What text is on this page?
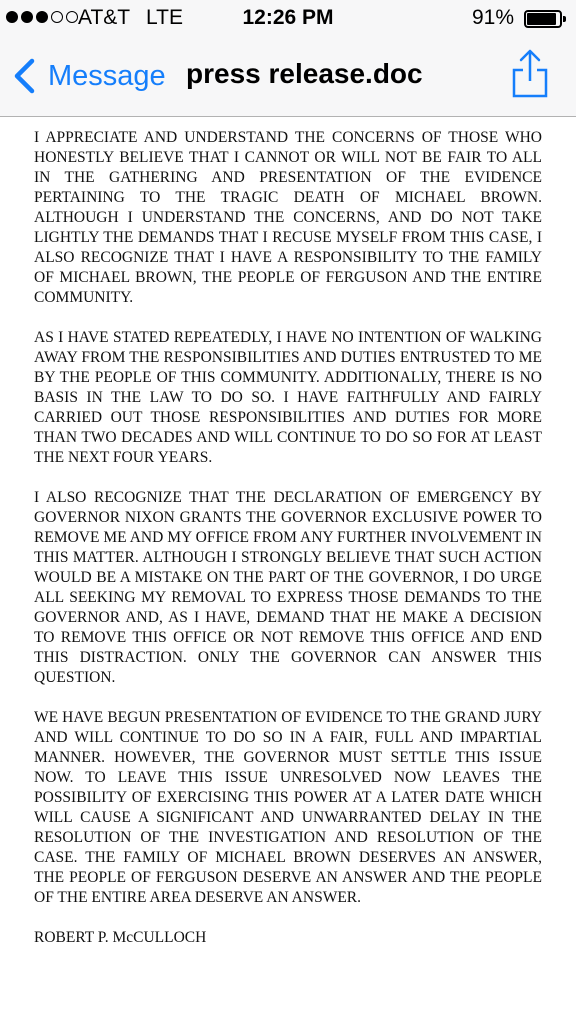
AT&T LTE	12:26 PM	91%
Message press release.doc

I APPRECIATE AND UNDERSTAND THE CONCERNS OF THOSE WHO HONESTLY BELIEVE THAT I CANNOT OR WILL NOT BE FAIR TO ALL IN THE GATHERING AND PRESENTATION OF THE EVIDENCE PERTAINING TO THE TRAGIC DEATH OF MICHAEL BROWN. ALTHOUGH I UNDERSTAND THE CONCERNS, AND DO NOT TAKE LIGHTLY THE DEMANDS THAT I RECUSE MYSELF FROM THIS CASE, I ALSO RECOGNIZE THAT I HAVE A RESPONSIBILITY TO THE FAMILY OF MICHAEL BROWN, THE PEOPLE OF FERGUSON AND THE ENTIRE COMMUNITY.

AS I HAVE STATED REPEATEDLY, I HAVE NO INTENTION OF WALKING AWAY FROM THE RESPONSIBILITIES AND DUTIES ENTRUSTED TO ME BY THE PEOPLE OF THIS COMMUNITY. ADDITIONALLY, THERE IS NO BASIS IN THE LAW TO DO SO. I HAVE FAITHFULLY AND FAIRLY CARRIED OUT THOSE RESPONSIBILITIES AND DUTIES FOR MORE THAN TWO DECADES AND WILL CONTINUE TO DO SO FOR AT LEAST THE NEXT FOUR YEARS.

I ALSO RECOGNIZE THAT THE DECLARATION OF EMERGENCY BY GOVERNOR NIXON GRANTS THE GOVERNOR EXCLUSIVE POWER TO REMOVE ME AND MY OFFICE FROM ANY FURTHER INVOLVEMENT IN THIS MATTER. ALTHOUGH I STRONGLY BELIEVE THAT SUCH ACTION WOULD BE A MISTAKE ON THE PART OF THE GOVERNOR, I DO URGE ALL SEEKING MY REMOVAL TO EXPRESS THOSE DEMANDS TO THE GOVERNOR AND, AS I HAVE, DEMAND THAT HE MAKE A DECISION TO REMOVE THIS OFFICE OR NOT REMOVE THIS OFFICE AND END THIS DISTRACTION. ONLY THE GOVERNOR CAN ANSWER THIS QUESTION.

WE HAVE BEGUN PRESENTATION OF EVIDENCE TO THE GRAND JURY AND WILL CONTINUE TO DO SO IN A FAIR, FULL AND IMPARTIAL MANNER. HOWEVER, THE GOVERNOR MUST SETTLE THIS ISSUE NOW. TO LEAVE THIS ISSUE UNRESOLVED NOW LEAVES THE POSSIBILITY OF EXERCISING THIS POWER AT A LATER DATE WHICH WILL CAUSE A SIGNIFICANT AND UNWARRANTED DELAY IN THE RESOLUTION OF THE INVESTIGATION AND RESOLUTION OF THE CASE. THE FAMILY OF MICHAEL BROWN DESERVES AN ANSWER, THE PEOPLE OF FERGUSON DESERVE AN ANSWER AND THE PEOPLE OF THE ENTIRE AREA DESERVE AN ANSWER.

ROBERT P. McCULLOCH
